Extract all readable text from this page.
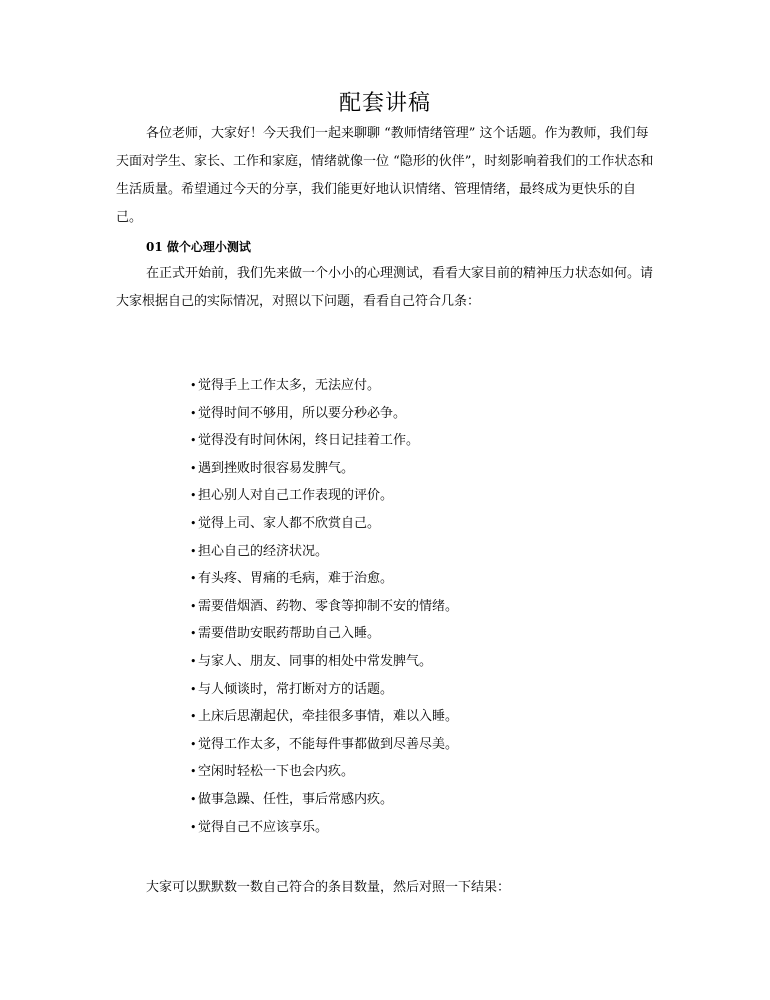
配套讲稿

各位老师，大家好！今天我们一起来聊聊 “教师情绪管理” 这个话题。作为教师，我们每天面对学生、家长、工作和家庭，情绪就像一位 “隐形的伙伴”，时刻影响着我们的工作状态和生活质量。希望通过今天的分享，我们能更好地认识情绪、管理情绪，最终成为更快乐的自己。

01 做个心理小测试

在正式开始前，我们先来做一个小小的心理测试，看看大家目前的精神压力状态如何。请大家根据自己的实际情况，对照以下问题，看看自己符合几条：

• 觉得手上工作太多，无法应付。
• 觉得时间不够用，所以要分秒必争。
• 觉得没有时间休闲，终日记挂着工作。
• 遇到挫败时很容易发脾气。
• 担心别人对自己工作表现的评价。
• 觉得上司、家人都不欣赏自己。
• 担心自己的经济状况。
• 有头疼、胃痛的毛病，难于治愈。
• 需要借烟酒、药物、零食等抑制不安的情绪。
• 需要借助安眠药帮助自己入睡。
• 与家人、朋友、同事的相处中常发脾气。
• 与人倾谈时，常打断对方的话题。
• 上床后思潮起伏，牵挂很多事情，难以入睡。
• 觉得工作太多，不能每件事都做到尽善尽美。
• 空闲时轻松一下也会内疚。
• 做事急躁、任性，事后常感内疚。
• 觉得自己不应该享乐。
大家可以默默数一数自己符合的条目数量，然后对照一下结果：
